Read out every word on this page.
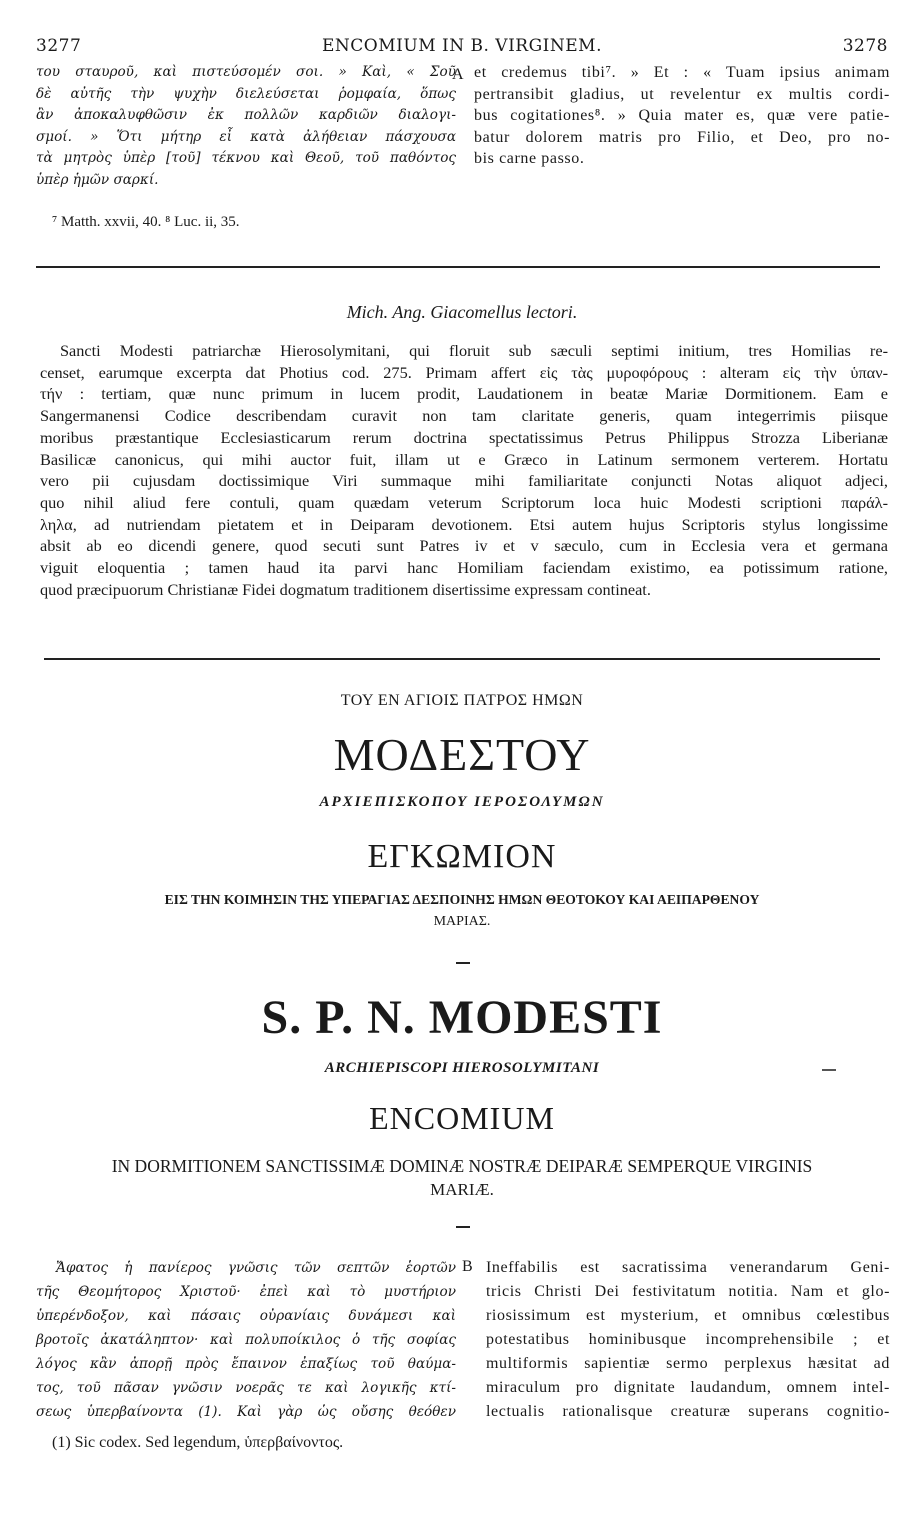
3277	ENCOMIUM IN B. VIRGINEM.	3278
του σταυροῦ, καὶ πιστεύσομέν σοι. » Καὶ, « Σοῦ
δὲ αὐτῆς τὴν ψυχὴν διελεύσεται ῥομφαία, ὅπως
ἂν ἀποκαλυφθῶσιν ἐκ πολλῶν καρδιῶν διαλογι-
σμοί. » Ὅτι μήτηρ εἶ κατὰ ἀλήθειαν πάσχουσα
τὰ μητρὸς ὑπὲρ [τοῦ] τέκνου καὶ Θεοῦ, τοῦ παθόντος
ὑπὲρ ἡμῶν σαρκί.
A et credemus tibi⁷. » Et : « Tuam ipsius animam
pertransibit gladius, ut revelentur ex multis cordi-
bus cogitationes⁸. » Quia mater es, quæ vere patie-
batur dolorem matris pro Filio, et Deo, pro no-
bis carne passo.
⁷ Matth. xxvii, 40. ⁸ Luc. ii, 35.
Mich. Ang. Giacomellus lectori.
Sancti Modesti patriarchæ Hierosolymitani, qui floruit sub sæculi septimi initium, tres Homilias re-
censet, earumque excerpta dat Photius cod. 275. Primam affert εἰς τὰς μυροφόρους : alteram εἰς τὴν ὑπαν-
τήν : tertiam, quæ nunc primum in lucem prodit, Laudationem in beatæ Mariæ Dormitionem. Eam e
Sangermanensi Codice describendam curavit non tam claritate generis, quam integerrimis piisque
moribus præstantique Ecclesiasticarum rerum doctrina spectatissimus Petrus Philippus Strozza Liberianæ
Basilicæ canonicus, qui mihi auctor fuit, illam ut e Græco in Latinum sermonem verterem. Hortatu
vero pii cujusdam doctissimique Viri summaque mihi familiaritate conjuncti Notas aliquot adjeci,
quo nihil aliud fere contuli, quam quædam veterum Scriptorum loca huic Modesti scriptioni παράλ-
ληλα, ad nutriendam pietatem et in Deiparam devotionem. Etsi autem hujus Scriptoris stylus longissime
absit ab eo dicendi genere, quod secuti sunt Patres iv et v sæculo, cum in Ecclesia vera et germana
viguit eloquentia ; tamen haud ita parvi hanc Homiliam faciendam existimo, ea potissimum ratione,
quod præcipuorum Christianæ Fidei dogmatum traditionem disertissime expressam contineat.
ΤΟΥ ΕΝ ΑΓΙΟΙΣ ΠΑΤΡΟΣ ΗΜΩΝ
ΜΟΔΕΣΤΟΥ
ΑΡΧΙΕΠΙΣΚΟΠΟΥ ΙΕΡΟΣΟΛΥΜΩΝ
ΕΓΚΩΜΙΟΝ
ΕΙΣ ΤΗΝ ΚΟΙΜΗΣΙΝ ΤΗΣ ΥΠΕΡΑΓΙΑΣ ΔΕΣΠΟΙΝΗΣ ΗΜΩΝ ΘΕΟΤΟΚΟΥ ΚΑΙ ΑΕΙΠΑΡΘΕΝΟΥ
ΜΑΡΙΑΣ.
S. P. N. MODESTI
ARCHIEPISCOPI HIEROSOLYMITANI
ENCOMIUM
IN DORMITIONEM SANCTISSIMÆ DOMINÆ NOSTRÆ DEIPARÆ SEMPERQUE VIRGINIS
MARIÆ.
Ἄφατος ἡ πανίερος γνῶσις τῶν σεπτῶν ἑορτῶν
τῆς Θεομήτορος Χριστοῦ· ἐπεὶ καὶ τὸ μυστήριον
ὑπερένδοξον, καὶ πάσαις οὐρανίαις δυνάμεσι καὶ
βροτοῖς ἀκατάληπτον· καὶ πολυποίκιλος ὁ τῆς σοφίας
λόγος κἂν ἀπορῇ πρὸς ἔπαινον ἐπαξίως τοῦ θαύμα-
τος, τοῦ πᾶσαν γνῶσιν νοερᾶς τε καὶ λογικῆς κτί-
σεως ὑπερβαίνοντα (1). Καὶ γὰρ ὡς οὔσης θεόθεν
B Ineffabilis est sacratissima venerandarum Geni-
tricis Christi Dei festivitatum notitia. Nam et glo-
riosissimum est mysterium, et omnibus cœlestibus
potestatibus hominibusque incomprehensibile ; et
multiformis sapientiæ sermo perplexus hæsitat ad
miraculum pro dignitate laudandum, omnem intel-
lectualis rationalisque creaturæ superans cognitio-
(1) Sic codex. Sed legendum, ὑπερβαίνοντος.
